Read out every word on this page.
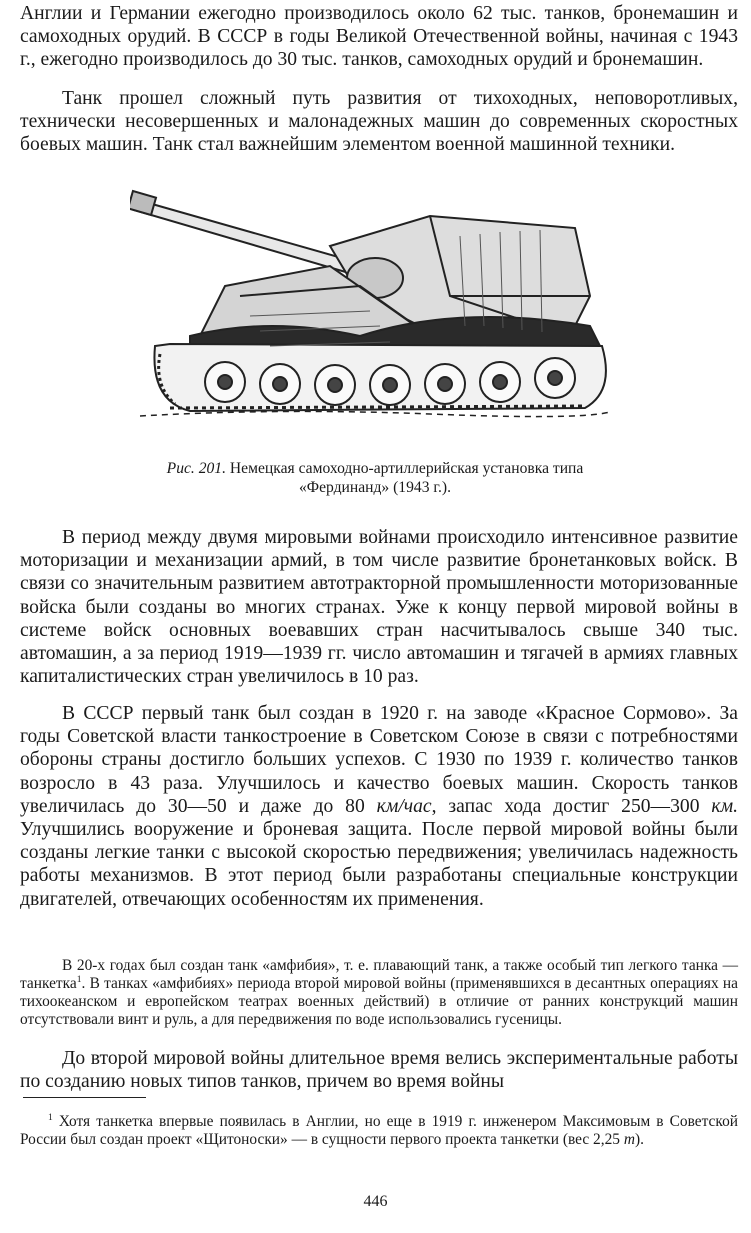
Англии и Германии ежегодно производилось около 62 тыс. танков, бронемашин и самоходных орудий. В СССР в годы Великой Отечественной войны, начиная с 1943 г., ежегодно производилось до 30 тыс. танков, самоходных орудий и бронемашин.
Танк прошел сложный путь развития от тихоходных, неповоротливых, технически несовершенных и малонадежных машин до современных скоростных боевых машин. Танк стал важнейшим элементом военной машинной техники.
Рис. 201. Немецкая самоходно-артиллерийская установка типа «Фердинанд» (1943 г.).
В период между двумя мировыми войнами происходило интенсивное развитие моторизации и механизации армий, в том числе развитие бронетанковых войск. В связи со значительным развитием автотракторной промышленности моторизованные войска были созданы во многих странах. Уже к концу первой мировой войны в системе войск основных воевавших стран насчитывалось свыше 340 тыс. автомашин, а за период 1919—1939 гг. число автомашин и тягачей в армиях главных капиталистических стран увеличилось в 10 раз.
В СССР первый танк был создан в 1920 г. на заводе «Красное Сормово». За годы Советской власти танкостроение в Советском Союзе в связи с потребностями обороны страны достигло больших успехов. С 1930 по 1939 г. количество танков возросло в 43 раза. Улучшилось и качество боевых машин. Скорость танков увеличилась до 30—50 и даже до 80 км/час, запас хода достиг 250—300 км. Улучшились вооружение и броневая защита. После первой мировой войны были созданы легкие танки с высокой скоростью передвижения; увеличилась надежность работы механизмов. В этот период были разработаны специальные конструкции двигателей, отвечающих особенностям их применения.
В 20-х годах был создан танк «амфибия», т. е. плавающий танк, а также особый тип легкого танка — танкетка$^1$. В танках «амфибиях» периода второй мировой войны (применявшихся в десантных операциях на тихоокеанском и европейском театрах военных действий) в отличие от ранних конструкций машин отсутствовали винт и руль, а для передвижения по воде использовались гусеницы.
До второй мировой войны длительное время велись экспериментальные работы по созданию новых типов танков, причем во время войны
$^1$ Хотя танкетка впервые появилась в Англии, но еще в 1919 г. инженером Максимовым в Советской России был создан проект «Щитоноски» — в сущности первого проекта танкетки (вес 2,25 т).
446
